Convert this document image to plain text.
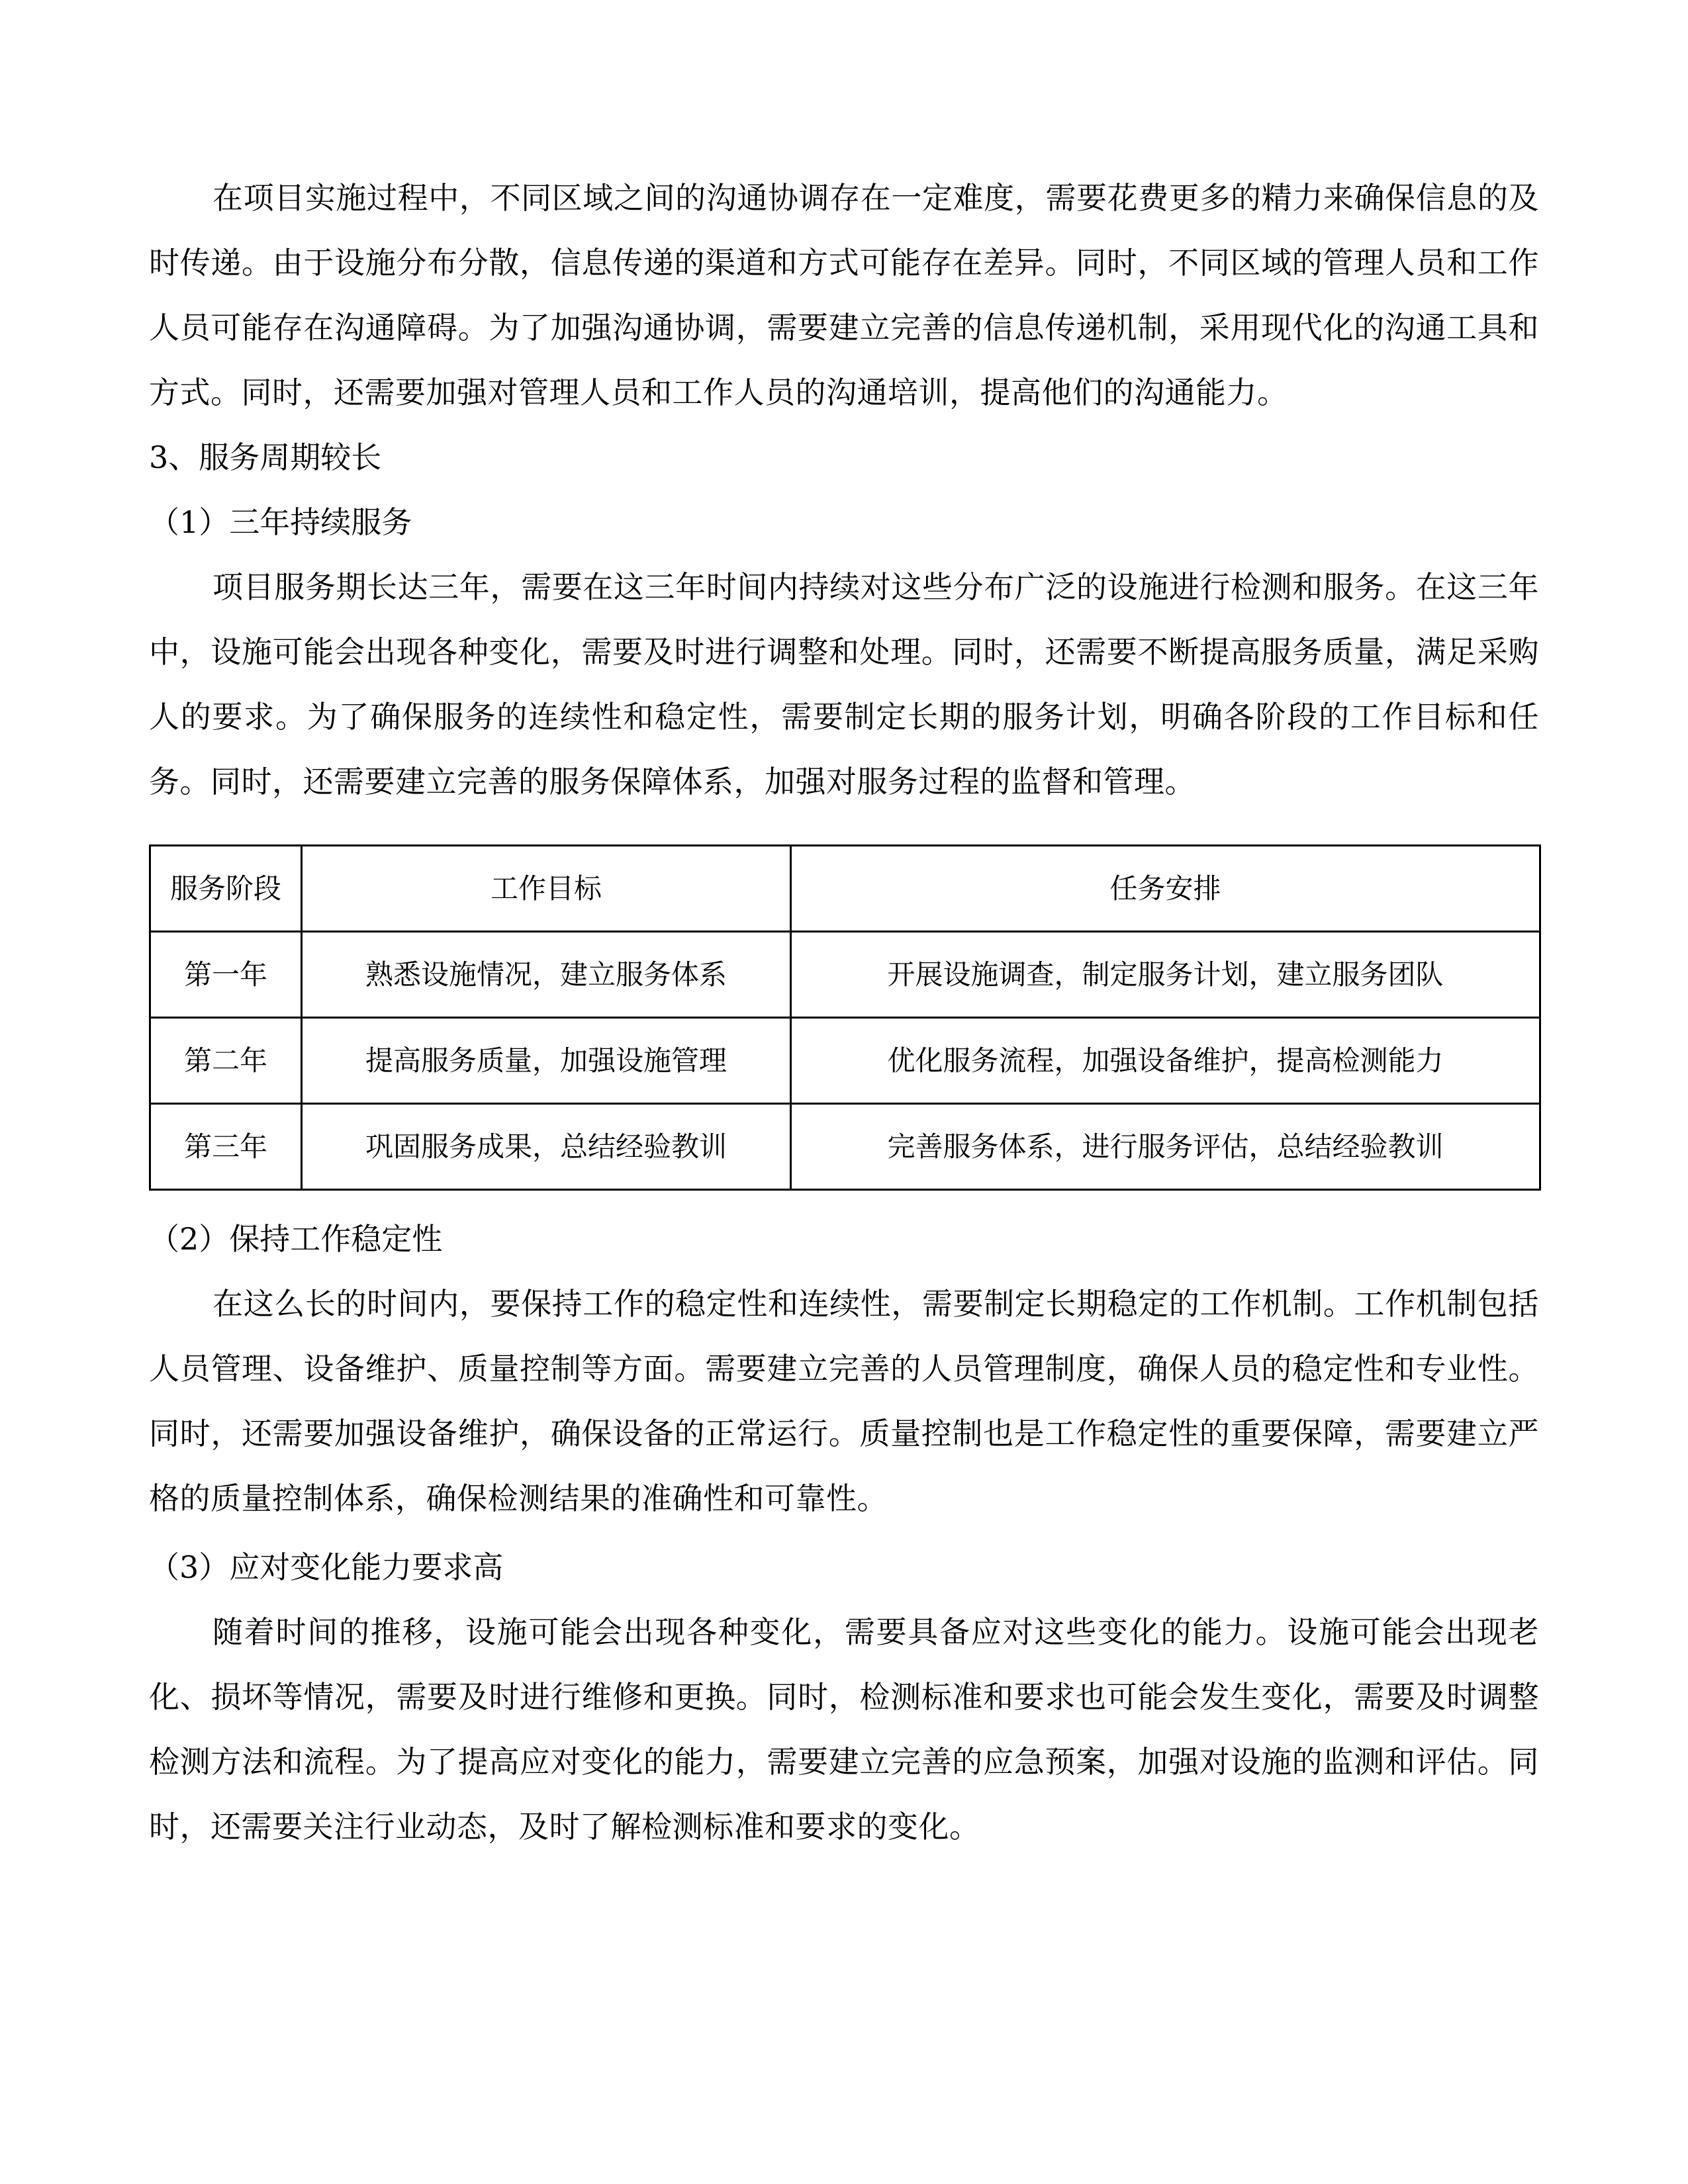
在项目实施过程中，不同区域之间的沟通协调存在一定难度，需要花费更多的精力来确保信息的及时传递。由于设施分布分散，信息传递的渠道和方式可能存在差异。同时，不同区域的管理人员和工作人员可能存在沟通障碍。为了加强沟通协调，需要建立完善的信息传递机制，采用现代化的沟通工具和方式。同时，还需要加强对管理人员和工作人员的沟通培训，提高他们的沟通能力。

3、服务周期较长

（1）三年持续服务

项目服务期长达三年，需要在这三年时间内持续对这些分布广泛的设施进行检测和服务。在这三年中，设施可能会出现各种变化，需要及时进行调整和处理。同时，还需要不断提高服务质量，满足采购人的要求。为了确保服务的连续性和稳定性，需要制定长期的服务计划，明确各阶段的工作目标和任务。同时，还需要建立完善的服务保障体系，加强对服务过程的监督和管理。

服务阶段	工作目标	任务安排
第一年	熟悉设施情况，建立服务体系	开展设施调查，制定服务计划，建立服务团队
第二年	提高服务质量，加强设施管理	优化服务流程，加强设备维护，提高检测能力
第三年	巩固服务成果，总结经验教训	完善服务体系，进行服务评估，总结经验教训

（2）保持工作稳定性

在这么长的时间内，要保持工作的稳定性和连续性，需要制定长期稳定的工作机制。工作机制包括人员管理、设备维护、质量控制等方面。需要建立完善的人员管理制度，确保人员的稳定性和专业性。同时，还需要加强设备维护，确保设备的正常运行。质量控制也是工作稳定性的重要保障，需要建立严格的质量控制体系，确保检测结果的准确性和可靠性。

（3）应对变化能力要求高

随着时间的推移，设施可能会出现各种变化，需要具备应对这些变化的能力。设施可能会出现老化、损坏等情况，需要及时进行维修和更换。同时，检测标准和要求也可能会发生变化，需要及时调整检测方法和流程。为了提高应对变化的能力，需要建立完善的应急预案，加强对设施的监测和评估。同时，还需要关注行业动态，及时了解检测标准和要求的变化。
